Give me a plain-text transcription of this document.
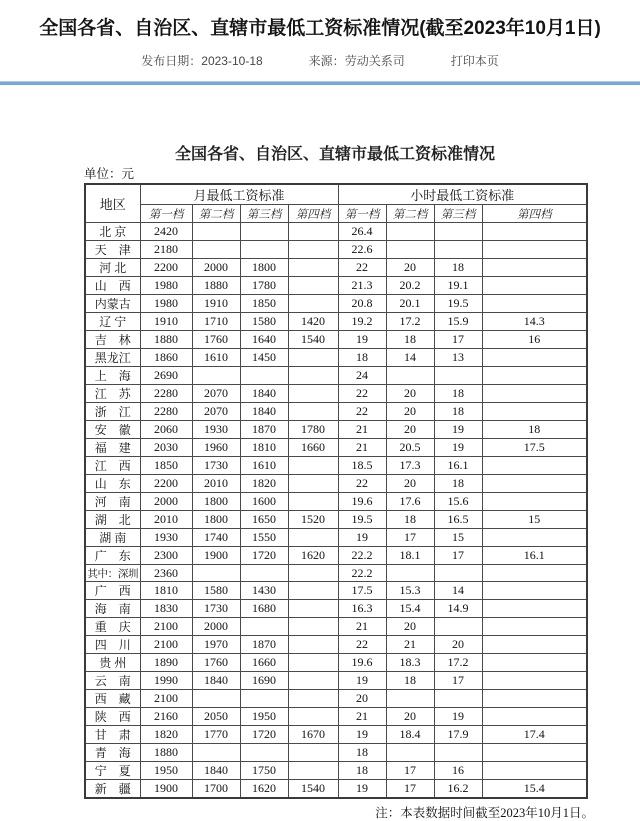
全国各省、自治区、直辖市最低工资标准情况(截至2023年10月1日)
发布日期：2023-10-18	来源：劳动关系司	打印本页
全国各省、自治区、直辖市最低工资标准情况
单位：元
地区	月最低工资标准				小时最低工资标准			
	第一档	第二档	第三档	第四档	第一档	第二档	第三档	第四档
北 京	2420				26.4			
天　津	2180				22.6			
河 北	2200	2000	1800		22	20	18	
山　西	1980	1880	1780		21.3	20.2	19.1	
内蒙古	1980	1910	1850		20.8	20.1	19.5	
辽 宁	1910	1710	1580	1420	19.2	17.2	15.9	14.3
吉　林	1880	1760	1640	1540	19	18	17	16
黑龙江	1860	1610	1450		18	14	13	
上　海	2690				24			
江　苏	2280	2070	1840		22	20	18	
浙　江	2280	2070	1840		22	20	18	
安　徽	2060	1930	1870	1780	21	20	19	18
福　建	2030	1960	1810	1660	21	20.5	19	17.5
江　西	1850	1730	1610		18.5	17.3	16.1	
山　东	2200	2010	1820		22	20	18	
河　南	2000	1800	1600		19.6	17.6	15.6	
湖　北	2010	1800	1650	1520	19.5	18	16.5	15
湖 南	1930	1740	1550		19	17	15	
广　东	2300	1900	1720	1620	22.2	18.1	17	16.1
其中：深圳	2360				22.2			
广　西	1810	1580	1430		17.5	15.3	14	
海　南	1830	1730	1680		16.3	15.4	14.9	
重　庆	2100	2000			21	20		
四　川	2100	1970	1870		22	21	20	
贵 州	1890	1760	1660		19.6	18.3	17.2	
云　南	1990	1840	1690		19	18	17	
西　藏	2100				20			
陕　西	2160	2050	1950		21	20	19	
甘　肃	1820	1770	1720	1670	19	18.4	17.9	17.4
青　海	1880				18			
宁　夏	1950	1840	1750		18	17	16	
新　疆	1900	1700	1620	1540	19	17	16.2	15.4
注：本表数据时间截至2023年10月1日。
